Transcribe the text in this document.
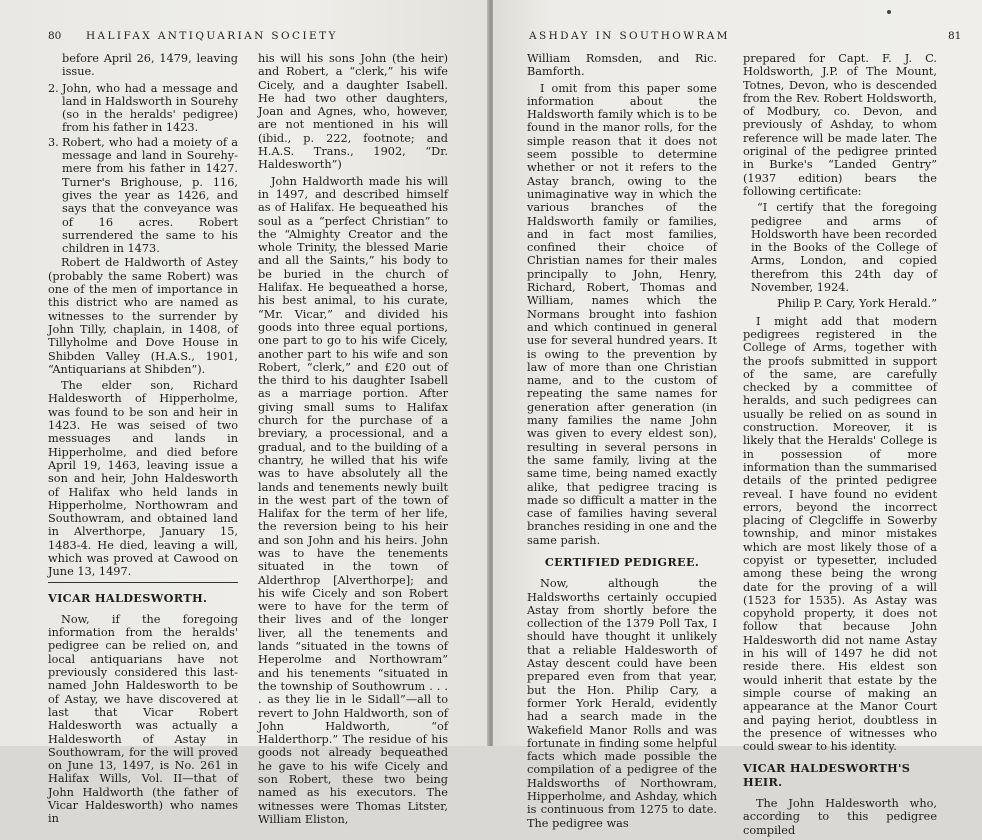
80 HALIFAX ANTIQUARIAN SOCIETY

before April 26, 1479, leaving issue.

2. John, who had a message and land in Haldsworth in Sourehy (so in the heralds' pedigree) from his father in 1423.
3. Robert, who had a moiety of a message and land in Sourehy-mere from his father in 1427. Turner's Brighouse, p. 116, gives the year as 1426, and says that the conveyance was of 16 acres. Robert surrendered the same to his children in 1473.

Robert de Haldworth of Astey (probably the same Robert) was one of the men of importance in this district who are named as witnesses to the surrender by John Tilly, chaplain, in 1408, of Tillyholme and Dove House in Shibden Valley (H.A.S., 1901, “Antiquarians at Shibden”).

The elder son, Richard Haldesworth of Hipperholme, was found to be son and heir in 1423. He was seised of two messuages and lands in Hipperholme, and died before April 19, 1463, leaving issue a son and heir, John Haldesworth of Halifax who held lands in Hipperholme, Northowram and Southowram, and obtained land in Alverthorpe, January 15, 1483-4. He died, leaving a will, which was proved at Cawood on June 13, 1497.

VICAR HALDESWORTH.

Now, if the foregoing information from the heralds' pedigree can be relied on, and local antiquarians have not previously considered this last-named John Haldesworth to be of Astay, we have discovered at last that Vicar Robert Haldesworth was actually a Haldesworth of Astay in Southowram, for the will proved on June 13, 1497, is No. 261 in Halifax Wills, Vol. II—that of John Haldworth (the father of Vicar Haldesworth) who names in

his will his sons John (the heir) and Robert, a “clerk,” his wife Cicely, and a daughter Isabell. He had two other daughters, Joan and Agnes, who, however, are not mentioned in his will (ibid., p. 222, footnote; and H.A.S. Trans., 1902, “Dr. Haldesworth”)

John Haldworth made his will in 1497, and described himself as of Halifax. He bequeathed his soul as a “perfect Christian” to the “Almighty Creator and the whole Trinity, the blessed Marie and all the Saints,” his body to be buried in the church of Halifax. He bequeathed a horse, his best animal, to his curate, “Mr. Vicar,” and divided his goods into three equal portions, one part to go to his wife Cicely, another part to his wife and son Robert, “clerk,” and £20 out of the third to his daughter Isabell as a marriage portion. After giving small sums to Halifax church for the purchase of a breviary, a processional, and a gradual, and to the building of a chantry, he willed that his wife was to have absolutely all the lands and tenements newly built in the west part of the town of Halifax for the term of her life, the reversion being to his heir and son John and his heirs. John was to have the tenements situated in the town of Alderthrop [Alverthorpe]; and his wife Cicely and son Robert were to have for the term of their lives and of the longer liver, all the tenements and lands “situated in the towns of Heperolme and Northowram” and his tenements “situated in the township of Southowrum . . . . as they lie in le Sidall”—all to revert to John Haldworth, son of John Haldworth, “of Halderthorp.” The residue of his goods not already bequeathed he gave to his wife Cicely and son Robert, these two being named as his executors. The witnesses were Thomas Litster, William Eliston,

ASHDAY IN SOUTHOWRAM	81

William Romsden, and Ric. Bamforth.

I omit from this paper some information about the Haldsworth family which is to be found in the manor rolls, for the simple reason that it does not seem possible to determine whether or not it refers to the Astay branch, owing to the unimaginative way in which the various branches of the Haldsworth family or families, and in fact most families, confined their choice of Christian names for their males principally to John, Henry, Richard, Robert, Thomas and William, names which the Normans brought into fashion and which continued in general use for several hundred years. It is owing to the prevention by law of more than one Christian name, and to the custom of repeating the same names for generation after generation (in many families the name John was given to every eldest son), resulting in several persons in the same family, living at the same time, being named exactly alike, that pedigree tracing is made so difficult a matter in the case of families having several branches residing in one and the same parish.

CERTIFIED PEDIGREE.

Now, although the Haldsworths certainly occupied Astay from shortly before the collection of the 1379 Poll Tax, I should have thought it unlikely that a reliable Haldesworth of Astay descent could have been prepared even from that year, but the Hon. Philip Cary, a former York Herald, evidently had a search made in the Wakefield Manor Rolls and was fortunate in finding some helpful facts which made possible the compilation of a pedigree of the Haldsworths of Northowram, Hipperholme, and Ashday, which is continuous from 1275 to date. The pedigree was

prepared for Capt. F. J. C. Holdsworth, J.P. of The Mount, Totnes, Devon, who is descended from the Rev. Robert Holdsworth, of Modbury, co. Devon, and previously of Ashday, to whom reference will be made later. The original of the pedigree printed in Burke's “Landed Gentry” (1937 edition) bears the following certificate:

“I certify that the foregoing pedigree and arms of Holdsworth have been recorded in the Books of the College of Arms, London, and copied therefrom this 24th day of November, 1924.

Philip P. Cary, York Herald.”

I might add that modern pedigrees registered in the College of Arms, together with the proofs submitted in support of the same, are carefully checked by a committee of heralds, and such pedigrees can usually be relied on as sound in construction. Moreover, it is likely that the Heralds' College is in possession of more information than the summarised details of the printed pedigree reveal. I have found no evident errors, beyond the incorrect placing of Clegcliffe in Sowerby township, and minor mistakes which are most likely those of a copyist or typesetter, included among these being the wrong date for the proving of a will (1523 for 1535). As Astay was copyhold property, it does not follow that because John Haldesworth did not name Astay in his will of 1497 he did not reside there. His eldest son would inherit that estate by the simple course of making an appearance at the Manor Court and paying heriot, doubtless in the presence of witnesses who could swear to his identity.

VICAR HALDESWORTH'S HEIR.

The John Haldesworth who, according to this pedigree compiled
